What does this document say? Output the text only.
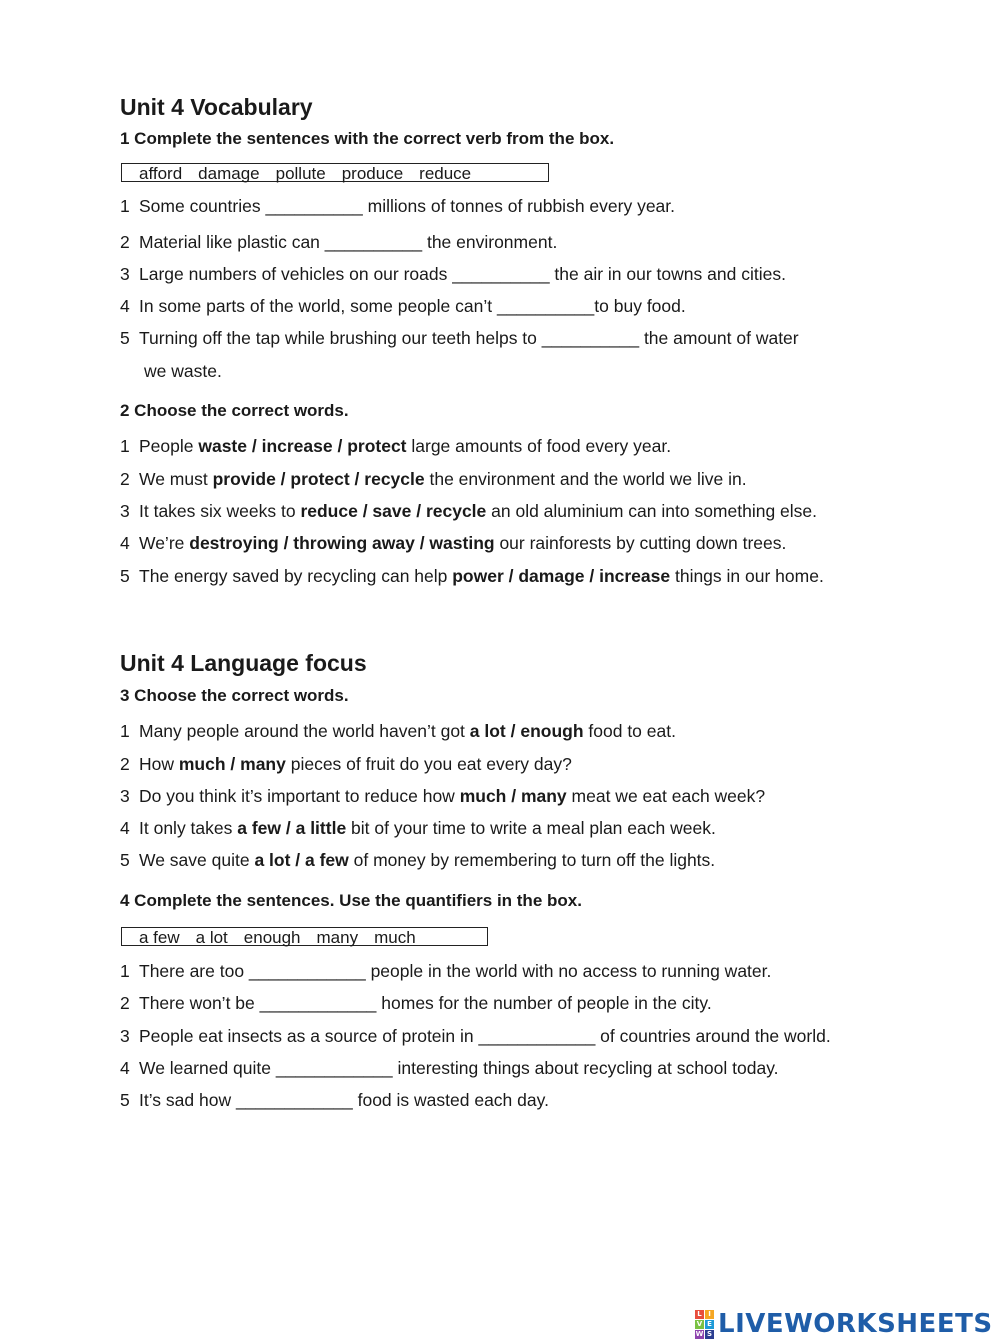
Unit 4 Vocabulary
1 Complete the sentences with the correct verb from the box.
afford damage pollute produce reduce
1 Some countries __________ millions of tonnes of rubbish every year.
2 Material like plastic can __________ the environment.
3 Large numbers of vehicles on our roads __________ the air in our towns and cities.
4 In some parts of the world, some people can’t __________to buy food.
5 Turning off the tap while brushing our teeth helps to __________ the amount of water
we waste.
2 Choose the correct words.
1 People waste / increase / protect large amounts of food every year.
2 We must provide / protect / recycle the environment and the world we live in.
3 It takes six weeks to reduce / save / recycle an old aluminium can into something else.
4 We’re destroying / throwing away / wasting our rainforests by cutting down trees.
5 The energy saved by recycling can help power / damage / increase things in our home.
Unit 4 Language focus
3 Choose the correct words.
1 Many people around the world haven’t got a lot / enough food to eat.
2 How much / many pieces of fruit do you eat every day?
3 Do you think it’s important to reduce how much / many meat we eat each week?
4 It only takes a few / a little bit of your time to write a meal plan each week.
5 We save quite a lot / a few of money by remembering to turn off the lights.
4 Complete the sentences. Use the quantifiers in the box.
a few a lot enough many much
1 There are too ____________ people in the world with no access to running water.
2 There won’t be ____________ homes for the number of people in the city.
3 People eat insects as a source of protein in ____________ of countries around the world.
4 We learned quite ____________ interesting things about recycling at school today.
5 It’s sad how ____________ food is wasted each day.
L I
V E
W S LIVEWORKSHEETS
